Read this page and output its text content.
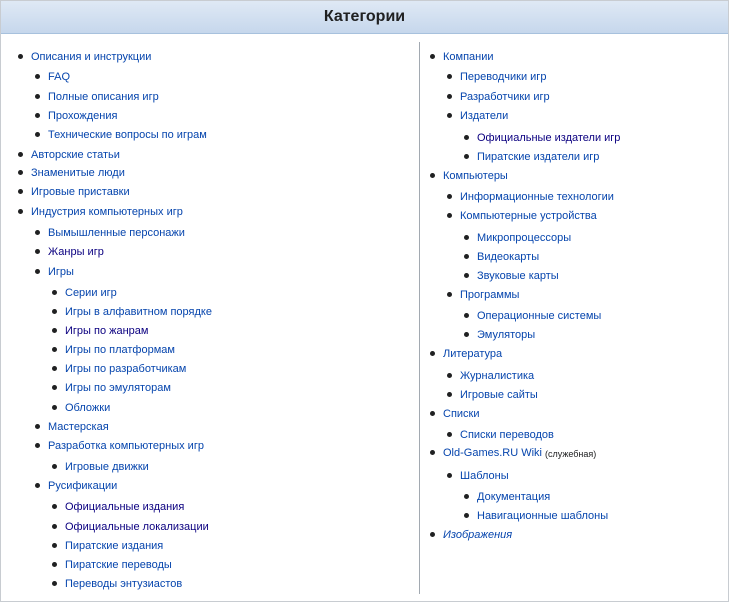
Категории
Описания и инструкции
FAQ
Полные описания игр
Прохождения
Технические вопросы по играм
Авторские статьи
Знаменитые люди
Игровые приставки
Индустрия компьютерных игр
Вымышленные персонажи
Жанры игр
Игры
Серии игр
Игры в алфавитном порядке
Игры по жанрам
Игры по платформам
Игры по разработчикам
Игры по эмуляторам
Обложки
Мастерская
Разработка компьютерных игр
Игровые движки
Русификации
Официальные издания
Официальные локализации
Пиратские издания
Пиратские переводы
Переводы энтузиастов
Компании
Переводчики игр
Разработчики игр
Издатели
Официальные издатели игр
Пиратские издатели игр
Компьютеры
Информационные технологии
Компьютерные устройства
Микропроцессоры
Видеокарты
Звуковые карты
Программы
Операционные системы
Эмуляторы
Литература
Журналистика
Игровые сайты
Списки
Списки переводов
Old-Games.RU Wiki (служебная)
Шаблоны
Документация
Навигационные шаблоны
Изображения
